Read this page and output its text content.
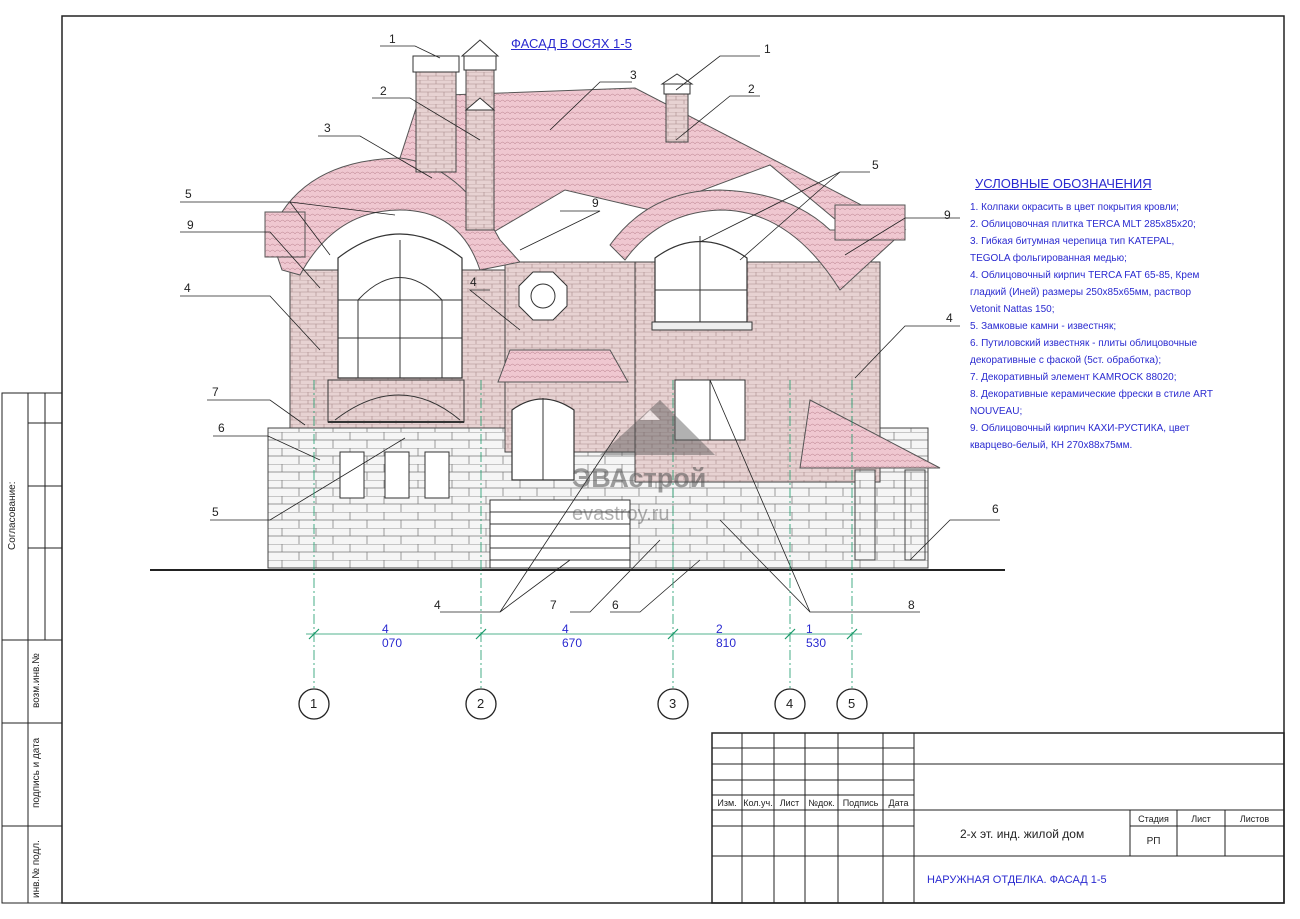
ФАСАД В ОСЯХ 1-5
1
2
3
5
9
4
7
6
5
9
4
3
1
2
5
9
4
4	7	6	8
6
4 070
4 670
2 810
1 530
1	2	3	4	5
ЭВАстрой
evastroy.ru
УСЛОВНЫЕ ОБОЗНАЧЕНИЯ
1. Колпаки окрасить в цвет покрытия кровли;
2. Облицовочная плитка TERCA MLT 285х85х20;
3. Гибкая битумная черепица тип KATEPAL,
TEGOLA фольгированная медью;
4. Облицовочный кирпич TERCA FAT 65-85, Крем
гладкий (Иней) размеры 250х85х65мм, раствор
Vetonit Nattas 150;
5. Замковые камни - известняк;
6. Путиловский известняк - плиты облицовочные
декоративные с фаской (5ст. обработка);
7. Декоративный элемент KAMROCK 88020;
8. Декоративные керамические фрески в стиле ART
NOUVEAU;
9. Облицовочный кирпич КАХИ-РУСТИКА, цвет
кварцево-белый, КН 270х88х75мм.
Согласование:
возм.инв.№
подпись и дата
инв.№ подл.
Изм. Кол.уч. Лист	№док. Подпись	Дата
2-х эт. инд. жилой дом
НАРУЖНАЯ ОТДЕЛКА. ФАСАД 1-5
Стадия	Лист	Листов
РП
